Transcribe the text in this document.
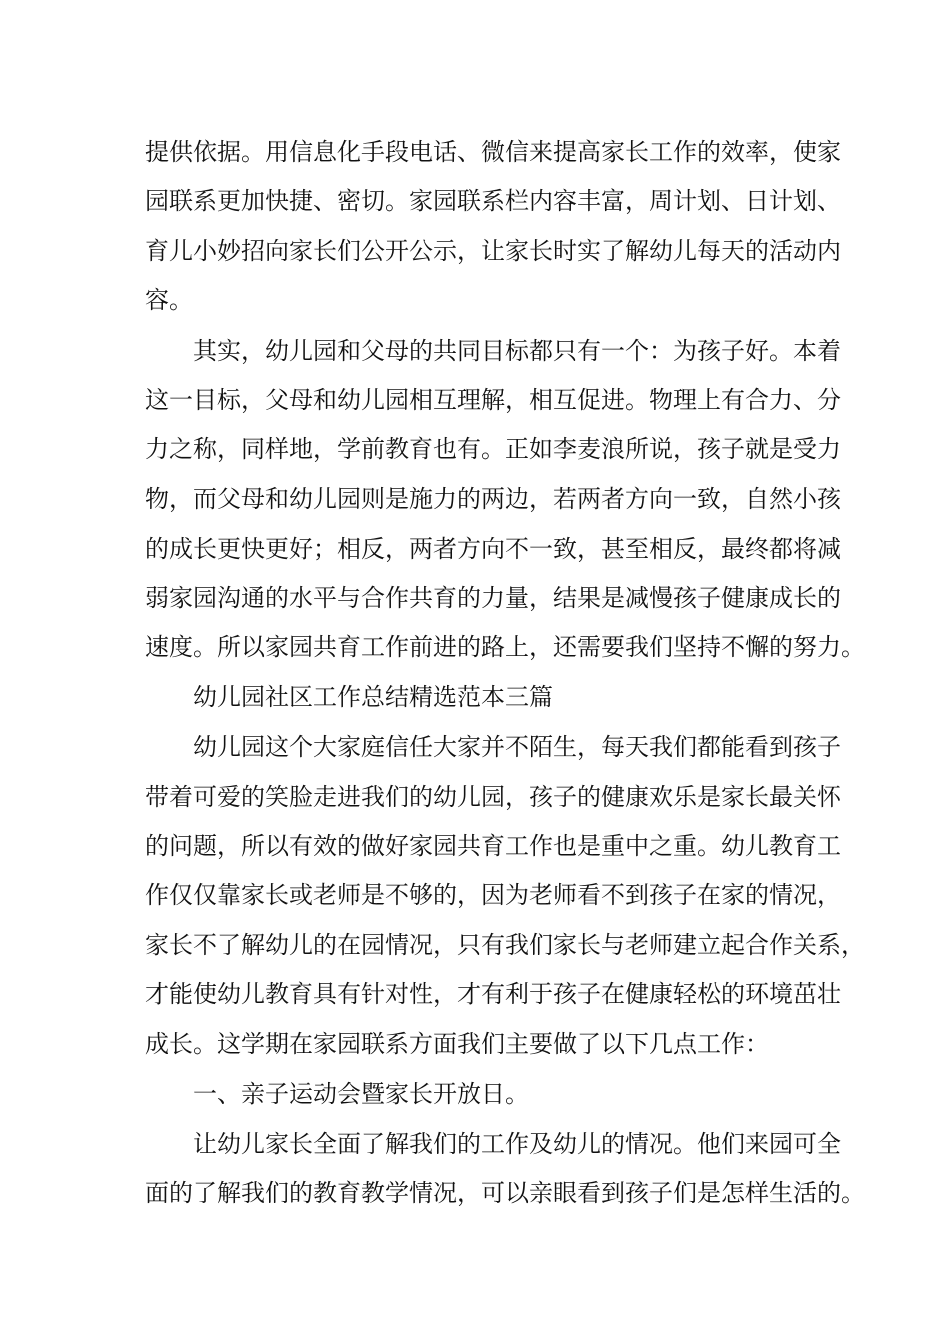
提供依据。用信息化手段电话、微信来提高家长工作的效率，使家
园联系更加快捷、密切。家园联系栏内容丰富，周计划、日计划、
育儿小妙招向家长们公开公示，让家长时实了解幼儿每天的活动内
容。
其实，幼儿园和父母的共同目标都只有一个：为孩子好。本着
这一目标，父母和幼儿园相互理解，相互促进。物理上有合力、分
力之称，同样地，学前教育也有。正如李麦浪所说，孩子就是受力
物，而父母和幼儿园则是施力的两边，若两者方向一致，自然小孩
的成长更快更好；相反，两者方向不一致，甚至相反，最终都将减
弱家园沟通的水平与合作共育的力量，结果是减慢孩子健康成长的
速度。所以家园共育工作前进的路上，还需要我们坚持不懈的努力。
幼儿园社区工作总结精选范本三篇
幼儿园这个大家庭信任大家并不陌生，每天我们都能看到孩子
带着可爱的笑脸走进我们的幼儿园，孩子的健康欢乐是家长最关怀
的问题，所以有效的做好家园共育工作也是重中之重。幼儿教育工
作仅仅靠家长或老师是不够的，因为老师看不到孩子在家的情况，
家长不了解幼儿的在园情况，只有我们家长与老师建立起合作关系，
才能使幼儿教育具有针对性，才有利于孩子在健康轻松的环境茁壮
成长。这学期在家园联系方面我们主要做了以下几点工作：
一、亲子运动会暨家长开放日。
让幼儿家长全面了解我们的工作及幼儿的情况。他们来园可全
面的了解我们的教育教学情况，可以亲眼看到孩子们是怎样生活的。
